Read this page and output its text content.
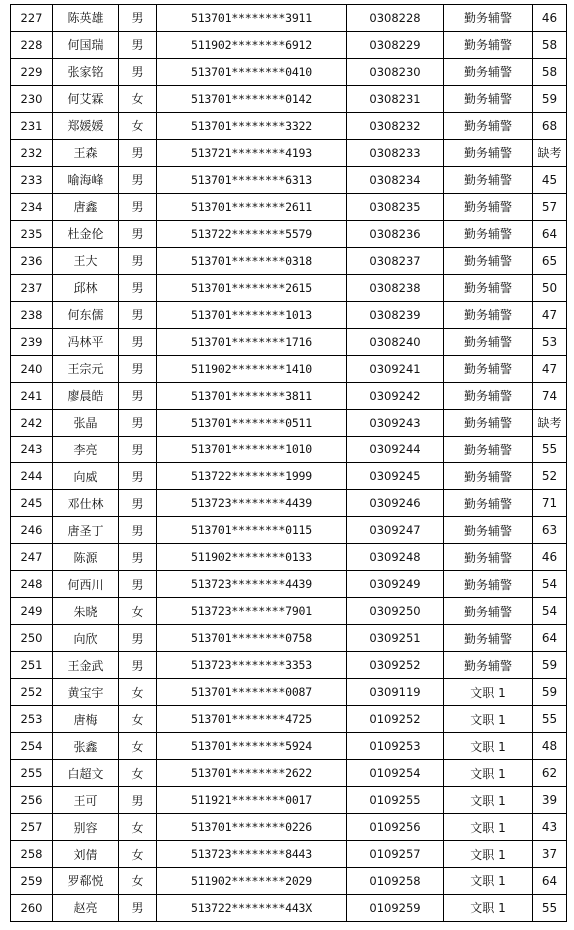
227	陈英雄	男	513701********3911	0308228	勤务辅警	46
228	何国瑞	男	511902********6912	0308229	勤务辅警	58
229	张家铭	男	513701********0410	0308230	勤务辅警	58
230	何艾霖	女	513701********0142	0308231	勤务辅警	59
231	郑媛媛	女	513701********3322	0308232	勤务辅警	68
232	王森	男	513721********4193	0308233	勤务辅警	缺考
233	喻海峰	男	513701********6313	0308234	勤务辅警	45
234	唐鑫	男	513701********2611	0308235	勤务辅警	57
235	杜金伦	男	513722********5579	0308236	勤务辅警	64
236	王大	男	513701********0318	0308237	勤务辅警	65
237	邱林	男	513701********2615	0308238	勤务辅警	50
238	何东儒	男	513701********1013	0308239	勤务辅警	47
239	冯林平	男	513701********1716	0308240	勤务辅警	53
240	王宗元	男	511902********1410	0309241	勤务辅警	47
241	廖晨皓	男	513701********3811	0309242	勤务辅警	74
242	张晶	男	513701********0511	0309243	勤务辅警	缺考
243	李亮	男	513701********1010	0309244	勤务辅警	55
244	向威	男	513722********1999	0309245	勤务辅警	52
245	邓仕林	男	513723********4439	0309246	勤务辅警	71
246	唐圣丁	男	513701********0115	0309247	勤务辅警	63
247	陈源	男	511902********0133	0309248	勤务辅警	46
248	何西川	男	513723********4439	0309249	勤务辅警	54
249	朱晓	女	513723********7901	0309250	勤务辅警	54
250	向欣	男	513701********0758	0309251	勤务辅警	64
251	王金武	男	513723********3353	0309252	勤务辅警	59
252	黄宝宇	女	513701********0087	0309119	文职 1	59
253	唐梅	女	513701********4725	0109252	文职 1	55
254	张鑫	女	513701********5924	0109253	文职 1	48
255	白超文	女	513701********2622	0109254	文职 1	62
256	王可	男	511921********0017	0109255	文职 1	39
257	别容	女	513701********0226	0109256	文职 1	43
258	刘倩	女	513723********8443	0109257	文职 1	37
259	罗郗悦	女	511902********2029	0109258	文职 1	64
260	赵亮	男	513722********443X	0109259	文职 1	55
